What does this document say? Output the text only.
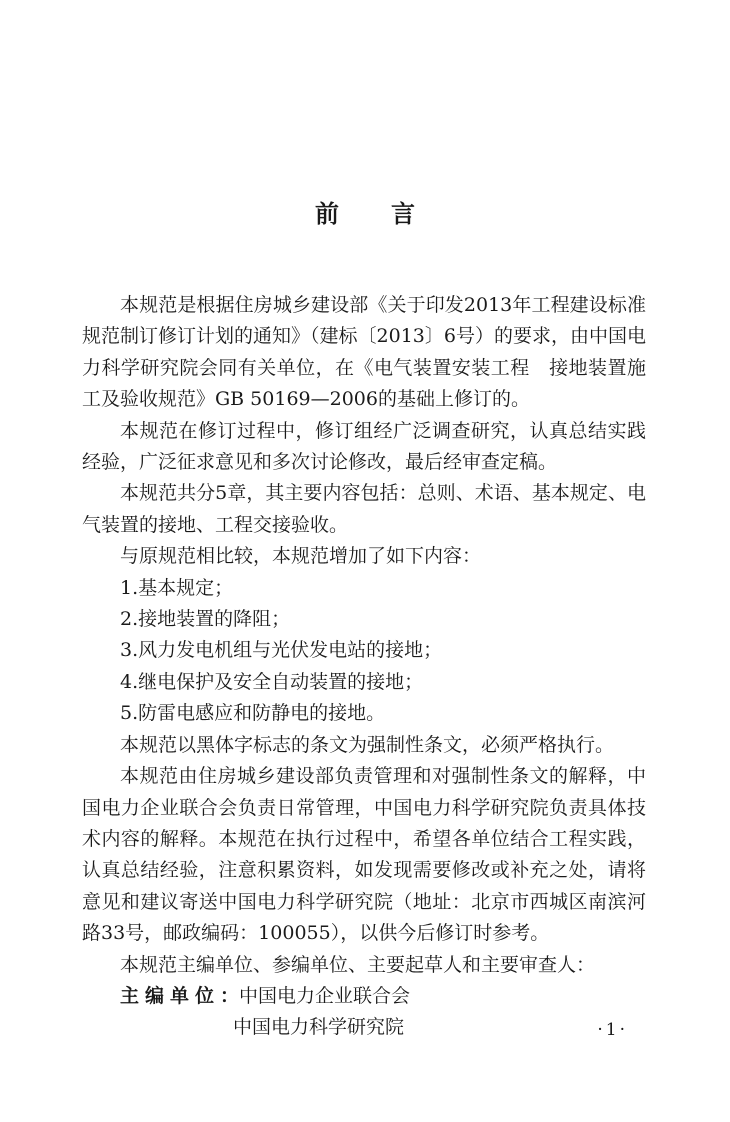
前言

本规范是根据住房城乡建设部《关于印发2013年工程建设标准规范制订修订计划的通知》（建标〔2013〕6号）的要求，由中国电力科学研究院会同有关单位，在《电气装置安装工程　接地装置施工及验收规范》GB 50169—2006的基础上修订的。

本规范在修订过程中，修订组经广泛调查研究，认真总结实践经验，广泛征求意见和多次讨论修改，最后经审查定稿。

本规范共分5章，其主要内容包括：总则、术语、基本规定、电气装置的接地、工程交接验收。

与原规范相比较，本规范增加了如下内容：

1.基本规定；

2.接地装置的降阻；

3.风力发电机组与光伏发电站的接地；

4.继电保护及安全自动装置的接地；

5.防雷电感应和防静电的接地。

本规范以黑体字标志的条文为强制性条文，必须严格执行。

本规范由住房城乡建设部负责管理和对强制性条文的解释，中国电力企业联合会负责日常管理，中国电力科学研究院负责具体技术内容的解释。本规范在执行过程中，希望各单位结合工程实践，认真总结经验，注意积累资料，如发现需要修改或补充之处，请将意见和建议寄送中国电力科学研究院（地址：北京市西城区南滨河路33号，邮政编码：100055），以供今后修订时参考。

本规范主编单位、参编单位、主要起草人和主要审查人：

主编单位：中国电力企业联合会

中国电力科学研究院	·1·
